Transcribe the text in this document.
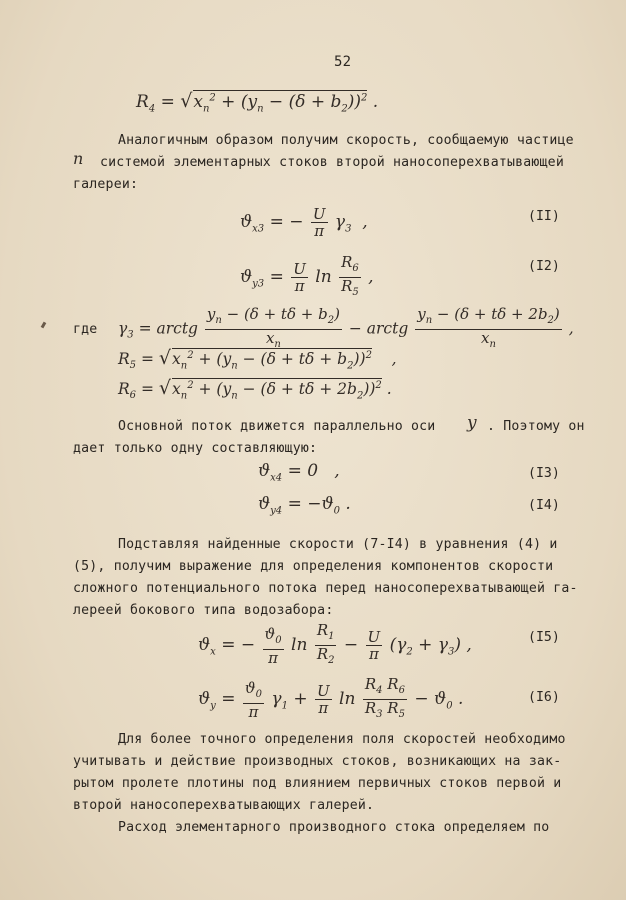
52
$R_4 = √x_n^2 + (y_n - (\delta + b_2))^2$ .
Аналогичным образом получим скорость, сообщаемую частице
n системой элементарных стоков второй наноcоперехватывающей
галереи:
$ϑ_{x3}$ = − $\frac{U}{\pi} \gamma_3$  ,	(II)
$ϑ_{y3} = \frac{U}{\pi}$ $\ln \frac{R_6}{R_5}$ ,
(I2)
где $\gamma_3$ = arctg $\frac{y_n - (\delta + t\delta + b_2)}{x_n}$ − arctg $\frac{y_n - (\delta + t\delta + 2b_2)}{x_n}$ ,
$R_5 = √x_n^2 + (y_n - (\delta + t\delta + b_2))^2$    ,
$R_6 = √x_n^2 + (y_n - (\delta + t\delta + 2b_2))^2$ .
Основной поток движется параллельно оси y . Поэтому он
дает только одну составляющую:
$ϑ_{x4} = 0$   ,	(I3)
$ϑ_{y4} = -ϑ_0$ .	(I4)
Подставляя найденные скорости (7-I4) в уравнения (4) и
(5), получим выражение для определения компонентов скорости
сложного потенциального потока перед наноcоперехватывающей га-
лереей бокового типа водозабора:
$ϑ_x$ = − $\frac{ϑ_0}{\pi}$ $\ln \frac{R_1}{R_2} - \frac{U}{\pi} (\gamma_2 + \gamma_3)$ ,	(I5)
$ϑ_y = \frac{ϑ_0}{\pi} \gamma_1 + \frac{U}{\pi}$ $\ln \frac{R_4 R_6}{R_3 R_5} - ϑ_0$ .	(I6)
Для более точного определения поля скоростей необходимо
учитывать и действие производных стоков, возникающих на зак-
рытом пролете плотины под влиянием первичных стоков первой и
второй наноcоперехватывающих галерей.
Расход элементарного производного стока определяем по
